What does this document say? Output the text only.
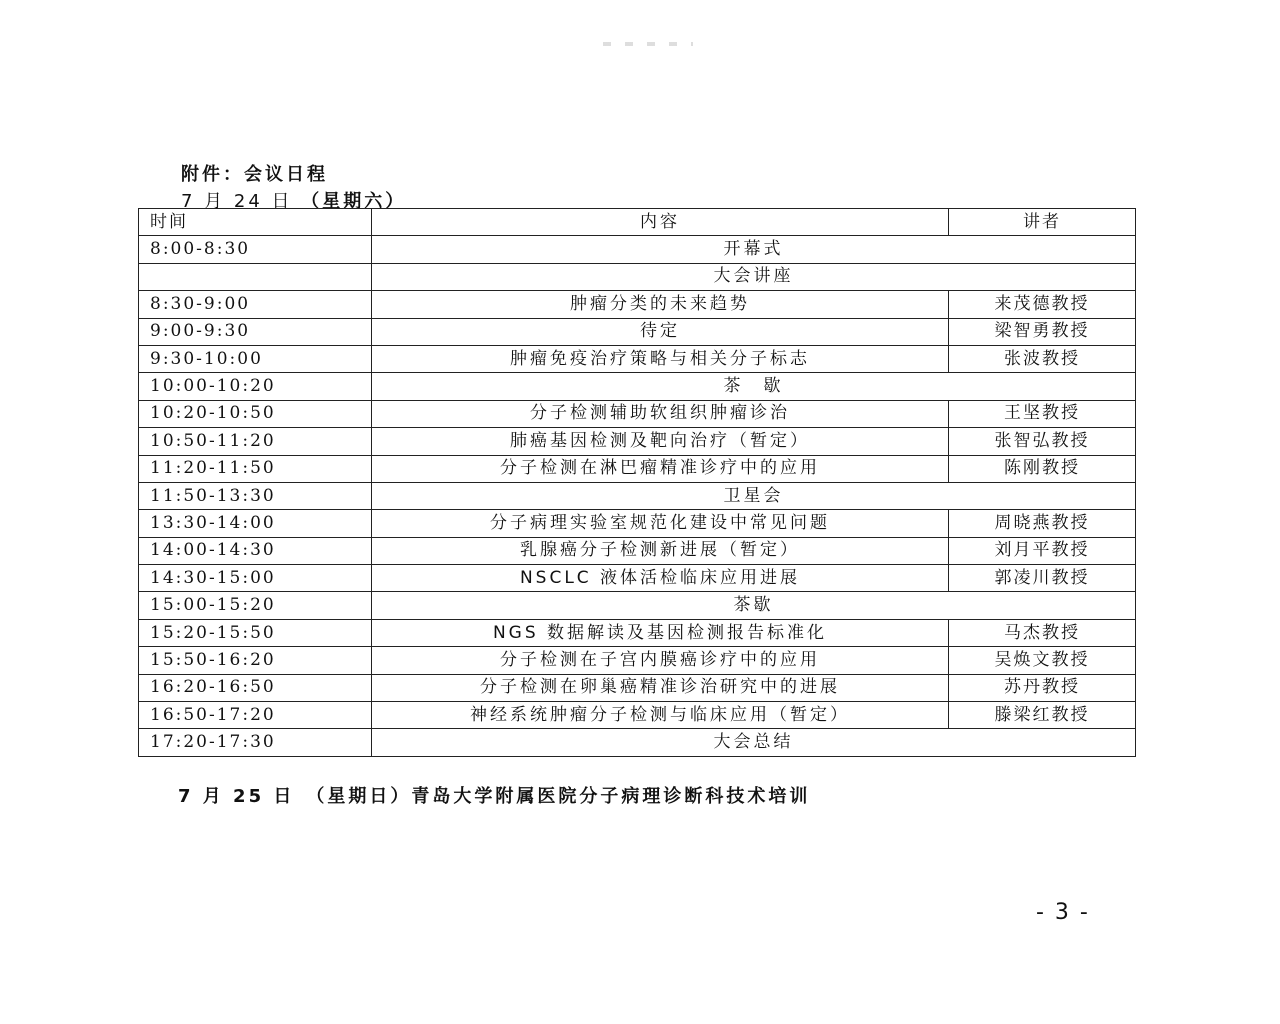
附件：会议日程
7 月 24 日 （星期六）
时间	内容	讲者
8:00-8:30	开幕式	
	大会讲座	
8:30-9:00	肿瘤分类的未来趋势	来茂德教授
9:00-9:30	待定	梁智勇教授
9:30-10:00	肿瘤免疫治疗策略与相关分子标志	张波教授
10:00-10:20	茶　歇	
10:20-10:50	分子检测辅助软组织肿瘤诊治	王坚教授
10:50-11:20	肺癌基因检测及靶向治疗（暂定）	张智弘教授
11:20-11:50	分子检测在淋巴瘤精准诊疗中的应用	陈刚教授
11:50-13:30	卫星会	
13:30-14:00	分子病理实验室规范化建设中常见问题	周晓燕教授
14:00-14:30	乳腺癌分子检测新进展（暂定）	刘月平教授
14:30-15:00	NSCLC 液体活检临床应用进展	郭凌川教授
15:00-15:20	茶歇	
15:20-15:50	NGS 数据解读及基因检测报告标准化	马杰教授
15:50-16:20	分子检测在子宫内膜癌诊疗中的应用	吴焕文教授
16:20-16:50	分子检测在卵巢癌精准诊治研究中的进展	苏丹教授
16:50-17:20	神经系统肿瘤分子检测与临床应用（暂定）	滕梁红教授
17:20-17:30	大会总结	
7 月 25 日　（星期日）青岛大学附属医院分子病理诊断科技术培训
- 3 -
